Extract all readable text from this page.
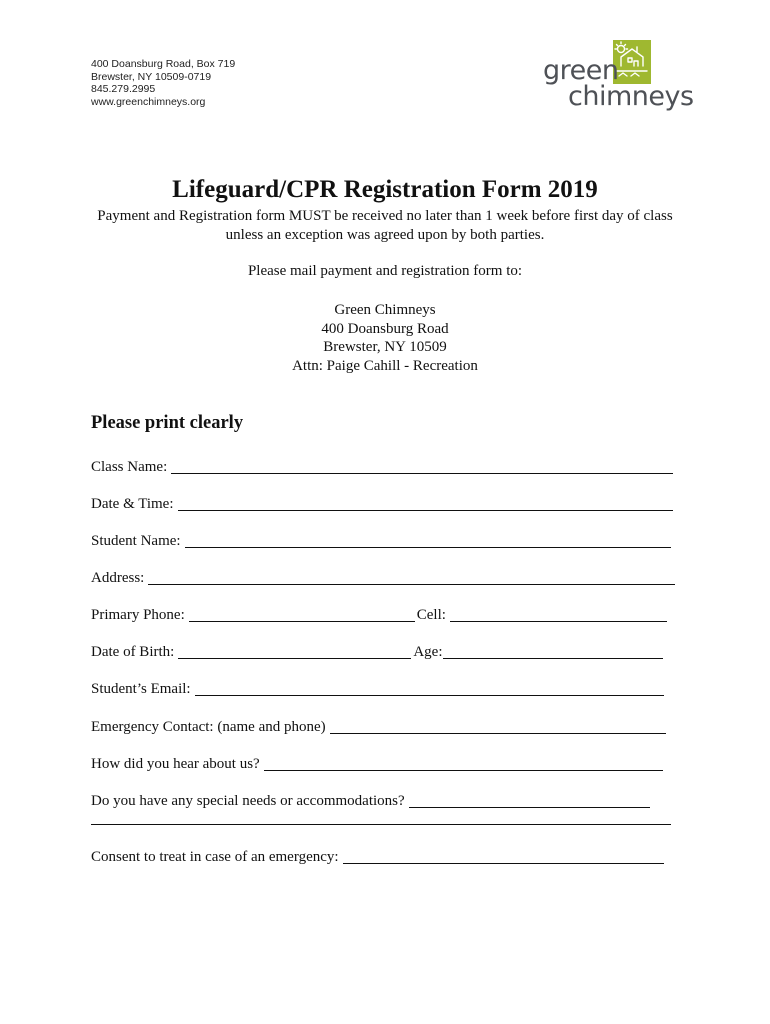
400 Doansburg Road, Box 719
Brewster, NY 10509-0719
845.279.2995
www.greenchimneys.org
green
chimneys
Lifeguard/CPR Registration Form 2019
Payment and Registration form MUST be received no later than 1 week before first day of class unless an exception was agreed upon by both parties.
Please mail payment and registration form to:
Green Chimneys
400 Doansburg Road
Brewster, NY 10509
Attn: Paige Cahill - Recreation
Please print clearly
Class Name:
Date & Time:
Student Name:
Address:
Primary Phone:	Cell:
Date of Birth:	Age:
Student’s Email:
Emergency Contact: (name and phone)
How did you hear about us?
Do you have any special needs or accommodations?
Consent to treat in case of an emergency:
